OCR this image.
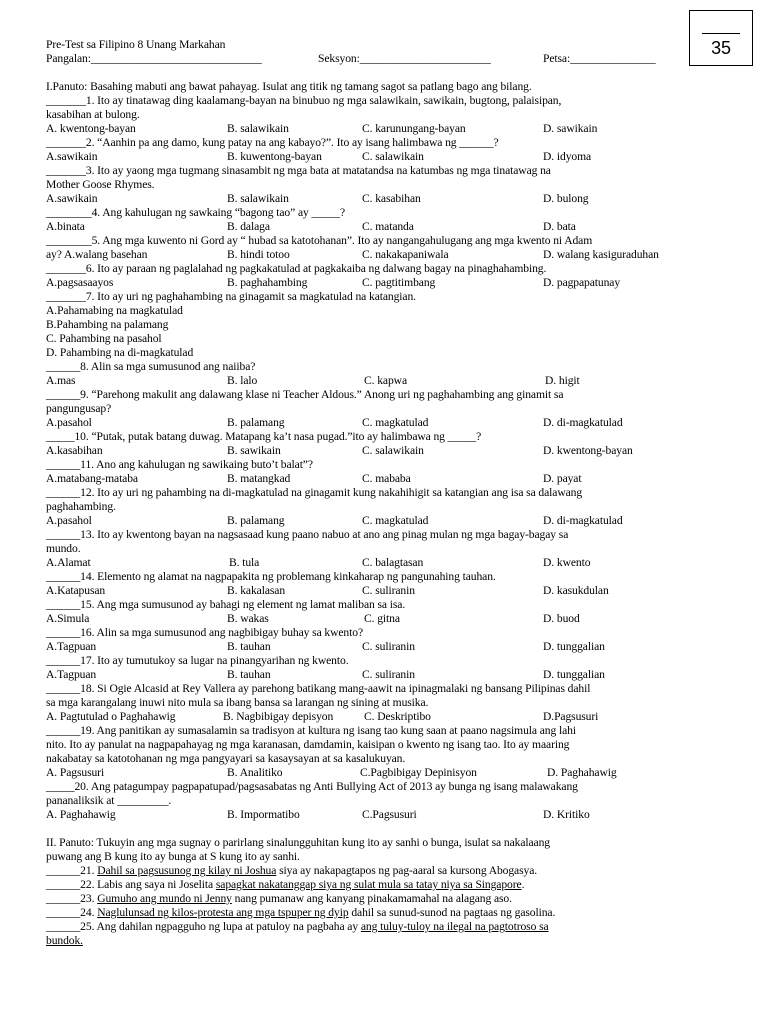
35
Pre-Test sa Filipino 8 Unang Markahan
Pangalan:______________________________	Seksyon:_______________________	Petsa:_______________
I.Panuto: Basahing mabuti ang bawat pahayag. Isulat ang titik ng tamang sagot sa patlang bago ang bilang.
_______1. Ito ay tinatawag ding kaalamang-bayan na binubuo ng mga salawikain, sawikain, bugtong, palaisipan,
kasabihan at bulong.
A. kwentong-bayan	B. salawikain	C. karunungang-bayan	D. sawikain
_______2. “Aanhin pa ang damo, kung patay na ang kabayo?”. Ito ay isang halimbawa ng ______?
A.sawikain	B. kuwentong-bayan	C. salawikain	D. idyoma
_______3. Ito ay yaong mga tugmang sinasambit ng mga bata at matatandsa na katumbas ng mga tinatawag na
Mother Goose Rhymes.
A.sawikain	B. salawikain	C. kasabihan	D. bulong
________4. Ang kahulugan ng sawkaing “bagong tao” ay _____?
A.binata	B. dalaga	C. matanda	D. bata
________5. Ang mga kuwento ni Gord ay “ hubad sa katotohanan”. Ito ay nangangahulugang ang mga kwento ni Adam
ay? A.walang basehan	B. hindi totoo	C. nakakapaniwala	D. walang kasiguraduhan
_______6. Ito ay paraan ng paglalahad ng pagkakatulad at pagkakaiba ng dalwang bagay na pinaghahambing.
A.pagsasaayos	B. paghahambing	C. pagtitimbang	D. pagpapatunay
_______7. Ito ay uri ng paghahambing na ginagamit sa magkatulad na katangian.
A.Pahamabing na magkatulad
B.Pahambing na palamang
C. Pahambing na pasahol
D. Pahambing na di-magkatulad
______8. Alin sa mga sumusunod ang naiiba?
A.mas	B. lalo	C. kapwa	D. higit
______9. “Parehong makulit ang dalawang klase ni Teacher Aldous.” Anong uri ng paghahambing ang ginamit sa
pangungusap?
A.pasahol	B. palamang	C. magkatulad	D. di-magkatulad
_____10. “Putak, putak batang duwag. Matapang ka’t nasa pugad.”ito ay halimbawa ng _____?
A.kasabihan	B. sawikain	C. salawikain	D. kwentong-bayan
______11. Ano ang kahulugan ng sawikaing buto’t balat”?
A.matabang-mataba	B. matangkad	C. mababa	D. payat
______12. Ito ay uri ng pahambing na di-magkatulad na ginagamit kung nakahihigit sa katangian ang isa sa dalawang
paghahambing.
A.pasahol	B. palamang	C. magkatulad	D. di-magkatulad
______13. Ito ay kwentong bayan na nagsasaad kung paano nabuo at ano ang pinag mulan ng mga bagay-bagay sa
mundo.
A.Alamat	B. tula	C. balagtasan	D. kwento
______14. Elemento ng alamat na nagpapakita ng problemang kinkaharap ng pangunahing tauhan.
A.Katapusan	B. kakalasan	C. suliranin	D. kasukdulan
______15. Ang mga sumusunod ay bahagi ng element ng lamat maliban sa isa.
A.Simula	B. wakas	C. gitna	D. buod
______16. Alin sa mga sumusunod ang nagbibigay buhay sa kwento?
A.Tagpuan	B. tauhan	C. suliranin	D. tunggalian
______17. Ito ay tumutukoy sa lugar na pinangyarihan ng kwento.
A.Tagpuan	B. tauhan	C. suliranin	D. tunggalian
______18. Si Ogie Alcasid at Rey Vallera ay parehong batikang mang-aawit na ipinagmalaki ng bansang Pilipinas dahil
sa mga karangalang inuwi nito mula sa ibang bansa sa larangan ng sining at musika.
A. Pagtutulad o Paghahawig	B. Nagbibigay depisyon	C. Deskriptibo	D.Pagsusuri
______19. Ang panitikan ay sumasalamin sa tradisyon at kultura ng isang tao kung saan at paano nagsimula ang lahi
nito. Ito ay panulat na nagpapahayag ng mga karanasan, damdamin, kaisipan o kwento ng isang tao. Ito ay maaring
nakabatay sa katotohanan ng mga pangyayari sa kasaysayan at sa kasalukuyan.
A. Pagsusuri	B. Analitiko	C.Pagbibigay Depinisyon	D. Paghahawig
_____20. Ang patagumpay pagpapatupad/pagsasabatas ng Anti Bullying Act of 2013 ay bunga ng isang malawakang
pananaliksik at _________.
A. Paghahawig	B. Impormatibo	C.Pagsusuri	D. Kritiko
II. Panuto: Tukuyin ang mga sugnay o parirlang sinalungguhitan kung ito ay sanhi o bunga, isulat sa nakalaang
puwang ang B kung ito ay bunga at S kung ito ay sanhi.
______21. Dahil sa pagsusunog ng kilay ni Joshua siya ay nakapagtapos ng pag-aaral sa kursong Abogasya.
______22. Labis ang saya ni Joselita sapagkat nakatanggap siya ng sulat mula sa tatay niya sa Singapore.
______23. Gumuho ang mundo ni Jenny nang pumanaw ang kanyang pinakamamahal na alagang aso.
______24. Naglulunsad ng kilos-protesta ang mga tspuper ng dyip dahil sa sunud-sunod na pagtaas ng gasolina.
______25. Ang dahilan ngpagguho ng lupa at patuloy na pagbaha ay ang tuluy-tuloy na ilegal na pagtotroso sa
bundok.
